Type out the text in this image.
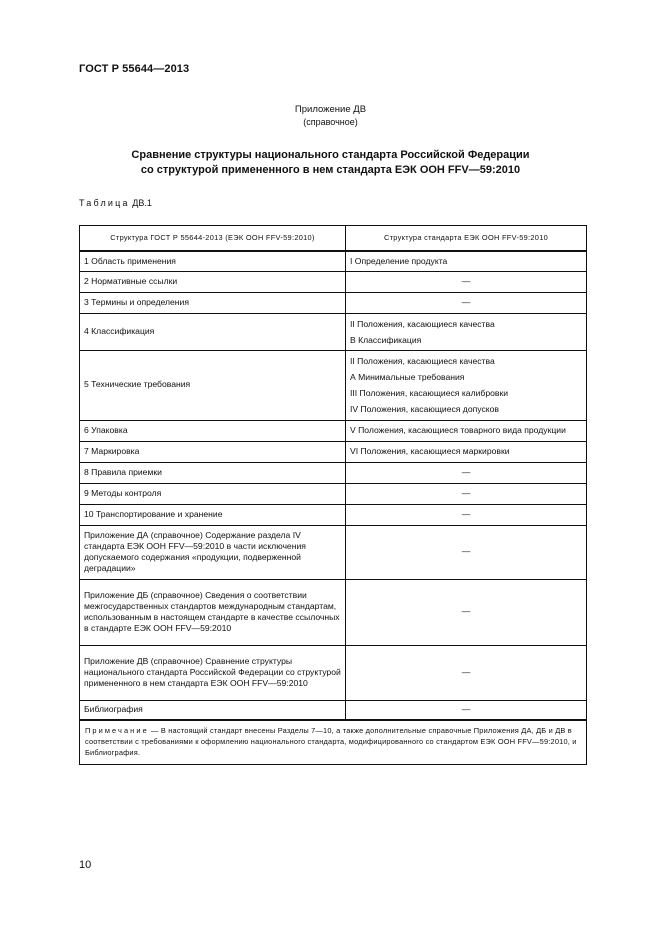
ГОСТ Р 55644—2013
Приложение ДВ
(справочное)
Сравнение структуры национального стандарта Российской Федерации
со структурой примененного в нем стандарта ЕЭК ООН FFV—59:2010
Таблица ДВ.1
Структура ГОСТ Р 55644-2013 (ЕЭК ООН FFV-59:2010)	Структура стандарта ЕЭК ООН FFV-59:2010
1 Область применения	I Определение продукта
2 Нормативные ссылки	—
3 Термины и определения	—
4 Классификация	II Положения, касающиеся качества
В Классификация

5 Технические требования	II Положения, касающиеся качества
А Минимальные требования
III Положения, касающиеся калибровки
IV Положения, касающиеся допусков

6 Упаковка	V Положения, касающиеся товарного вида продукции
7 Маркировка	VI Положения, касающиеся маркировки
8 Правила приемки	—
9 Методы контроля	—
10 Транспортирование и хранение	—
Приложение ДА (справочное) Содержание раздела IV стандарта ЕЭК ООН FFV—59:2010 в части исключения допускаемого содержания «продукции, подверженной деградации»	—
Приложение ДБ (справочное) Сведения о соответствии межгосударственных стандартов международным стандартам, использованным в настоящем стандарте в качестве ссылочных в стандарте ЕЭК ООН FFV—59:2010	—
Приложение ДВ (справочное) Сравнение структуры национального стандарта Российской Федерации со структурой примененного в нем стандарта ЕЭК ООН FFV—59:2010	—
Библиография	—
Примечание — В настоящий стандарт внесены Разделы 7—10, а также дополнительные справочные Приложения ДА, ДБ и ДВ в соответствии с требованиями к оформлению национального стандарта, модифицированного со стандартом ЕЭК ООН FFV—59:2010, и Библиография.	
10
